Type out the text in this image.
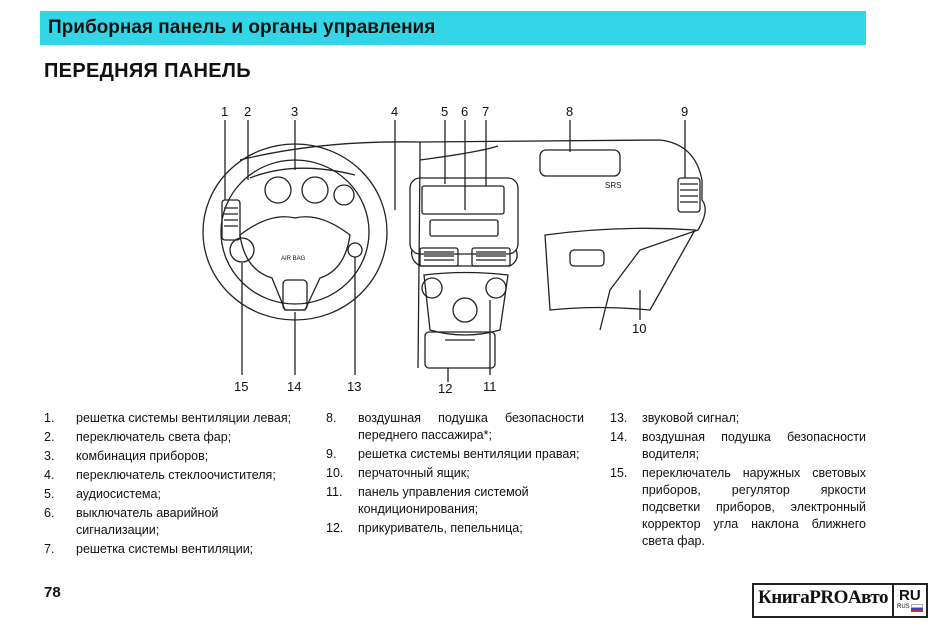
Приборная панель и органы управления
ПЕРЕДНЯЯ ПАНЕЛЬ
1 2	3	4	5 6 7	8	9
15	14	13	12 11
10
SRS
AIR BAG
1.	решетка системы вентиляции левая;
2.	переключатель света фар;
3.	комбинация приборов;
4.	переключатель стеклоочистителя;
5.	аудиосистема;
6.	выключатель аварийной сигнализации;
7.	решетка системы вентиляции;
8.	воздушная подушка безопасности переднего пассажира*;
9.	решетка системы вентиляции правая;
10.	перчаточный ящик;
11.	панель управления системой кондиционирования;
12.	прикуриватель, пепельница;
13.	звуковой сигнал;
14.	воздушная подушка безопасности водителя;
15.	переключатель наружных световых приборов, регулятор яркости подсветки приборов, электронный корректор угла наклона ближнего света фар.
78	КнигаPROАвто RU
RUS
